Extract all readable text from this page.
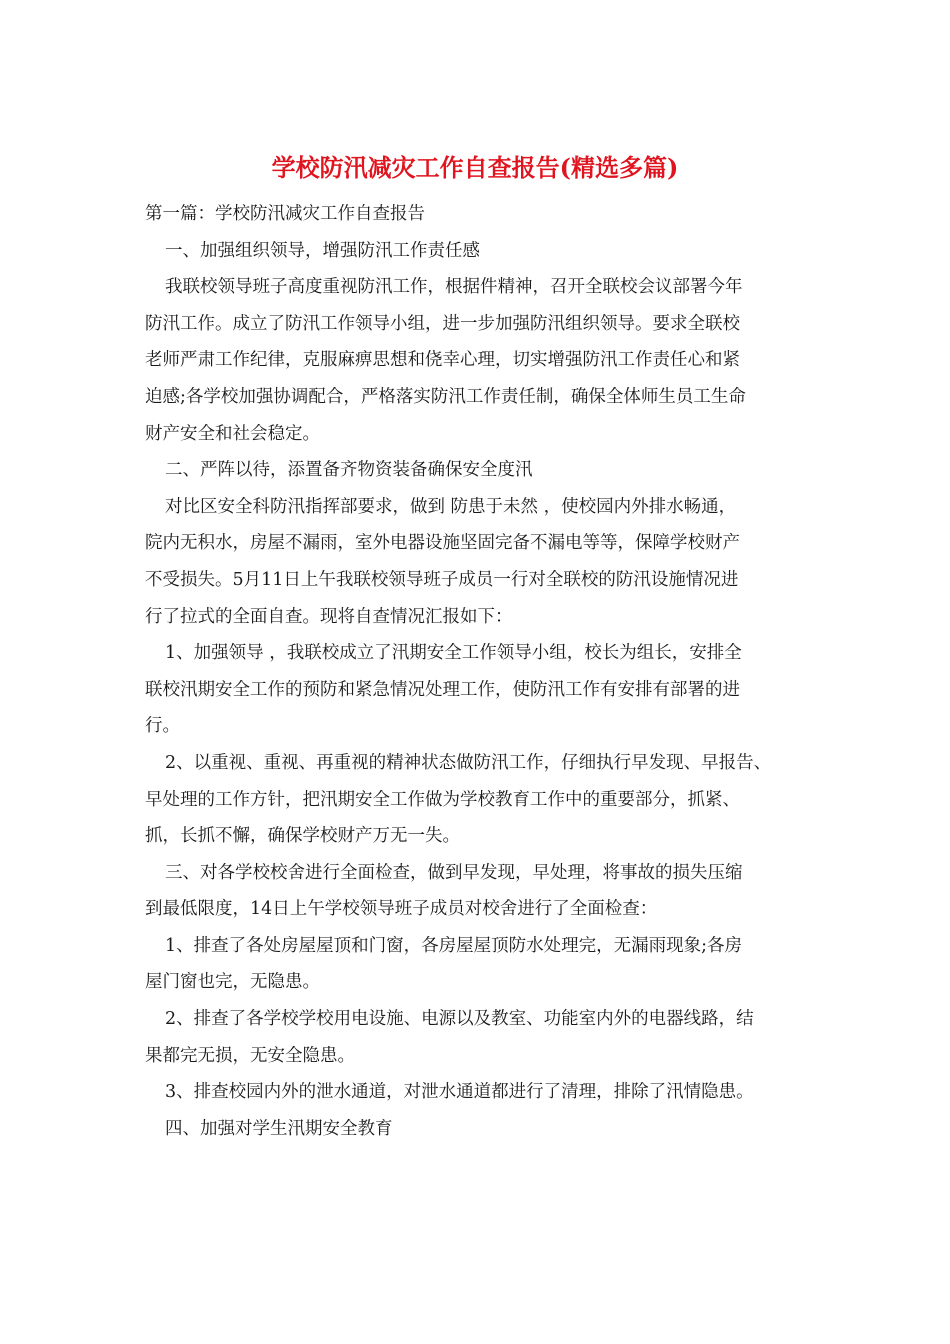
学校防汛减灾工作自查报告(精选多篇)
第一篇：学校防汛减灾工作自查报告
一、加强组织领导，增强防汛工作责任感
我联校领导班子高度重视防汛工作，根据件精神，召开全联校会议部署今年
防汛工作。成立了防汛工作领导小组，进一步加强防汛组织领导。要求全联校
老师严肃工作纪律，克服麻痹思想和侥幸心理，切实增强防汛工作责任心和紧
迫感;各学校加强协调配合，严格落实防汛工作责任制，确保全体师生员工生命
财产安全和社会稳定。
二、严阵以待，添置备齐物资装备确保安全度汛
对比区安全科防汛指挥部要求，做到 防患于未然 ，使校园内外排水畅通，
院内无积水，房屋不漏雨，室外电器设施坚固完备不漏电等等，保障学校财产
不受损失。5月11日上午我联校领导班子成员一行对全联校的防汛设施情况进
行了拉式的全面自查。现将自查情况汇报如下：
1、加强领导 ，我联校成立了汛期安全工作领导小组，校长为组长，安排全
联校汛期安全工作的预防和紧急情况处理工作，使防汛工作有安排有部署的进
行。
2、以重视、重视、再重视的精神状态做防汛工作，仔细执行早发现、早报告、
早处理的工作方针，把汛期安全工作做为学校教育工作中的重要部分，抓紧、
抓，长抓不懈，确保学校财产万无一失。
三、对各学校校舍进行全面检查，做到早发现，早处理，将事故的损失压缩
到最低限度，14日上午学校领导班子成员对校舍进行了全面检查：
1、排查了各处房屋屋顶和门窗，各房屋屋顶防水处理完，无漏雨现象;各房
屋门窗也完，无隐患。
2、排查了各学校学校用电设施、电源以及教室、功能室内外的电器线路，结
果都完无损，无安全隐患。
3、排查校园内外的泄水通道，对泄水通道都进行了清理，排除了汛情隐患。
四、加强对学生汛期安全教育
